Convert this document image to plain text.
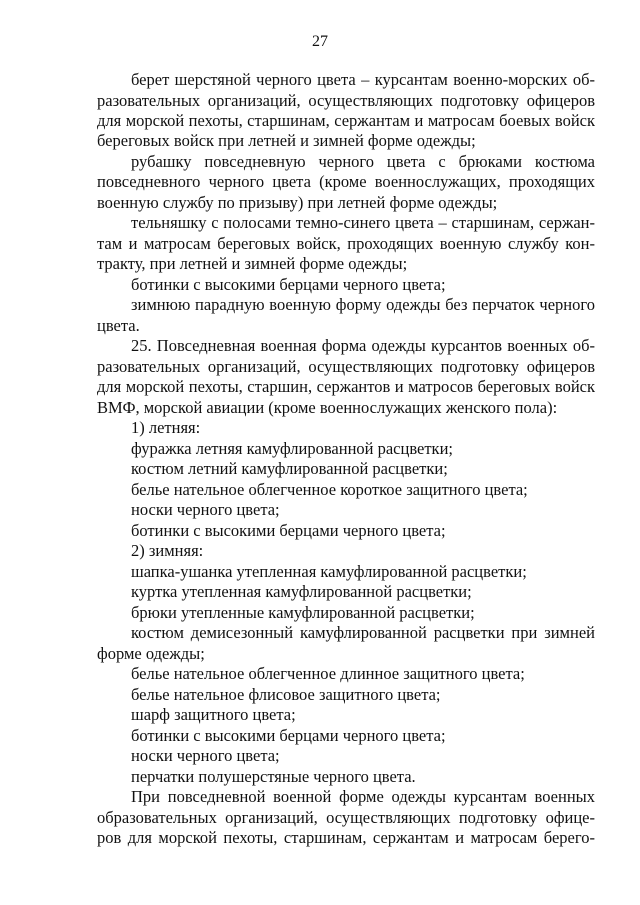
27
берет шерстяной черного цвета – курсантам военно-морских об-
разовательных организаций, осуществляющих подготовку офицеров
для морской пехоты, старшинам, сержантам и матросам боевых войск
береговых войск при летней и зимней форме одежды;
рубашку повседневную черного цвета с брюками костюма
повседневного черного цвета (кроме военнослужащих, проходящих
военную службу по призыву) при летней форме одежды;
тельняшку с полосами темно-синего цвета – старшинам, сержан-
там и матросам береговых войск, проходящих военную службу кон-
тракту, при летней и зимней форме одежды;
ботинки с высокими берцами черного цвета;
зимнюю парадную военную форму одежды без перчаток черного
цвета.
25. Повседневная военная форма одежды курсантов военных об-
разовательных организаций, осуществляющих подготовку офицеров
для морской пехоты, старшин, сержантов и матросов береговых войск
ВМФ, морской авиации (кроме военнослужащих женского пола):
1) летняя:
фуражка летняя камуфлированной расцветки;
костюм летний камуфлированной расцветки;
белье нательное облегченное короткое защитного цвета;
носки черного цвета;
ботинки с высокими берцами черного цвета;
2) зимняя:
шапка-ушанка утепленная камуфлированной расцветки;
куртка утепленная камуфлированной расцветки;
брюки утепленные камуфлированной расцветки;
костюм демисезонный камуфлированной расцветки при зимней
форме одежды;
белье нательное облегченное длинное защитного цвета;
белье нательное флисовое защитного цвета;
шарф защитного цвета;
ботинки с высокими берцами черного цвета;
носки черного цвета;
перчатки полушерстяные черного цвета.
При повседневной военной форме одежды курсантам военных
образовательных организаций, осуществляющих подготовку офице-
ров для морской пехоты, старшинам, сержантам и матросам берего-
